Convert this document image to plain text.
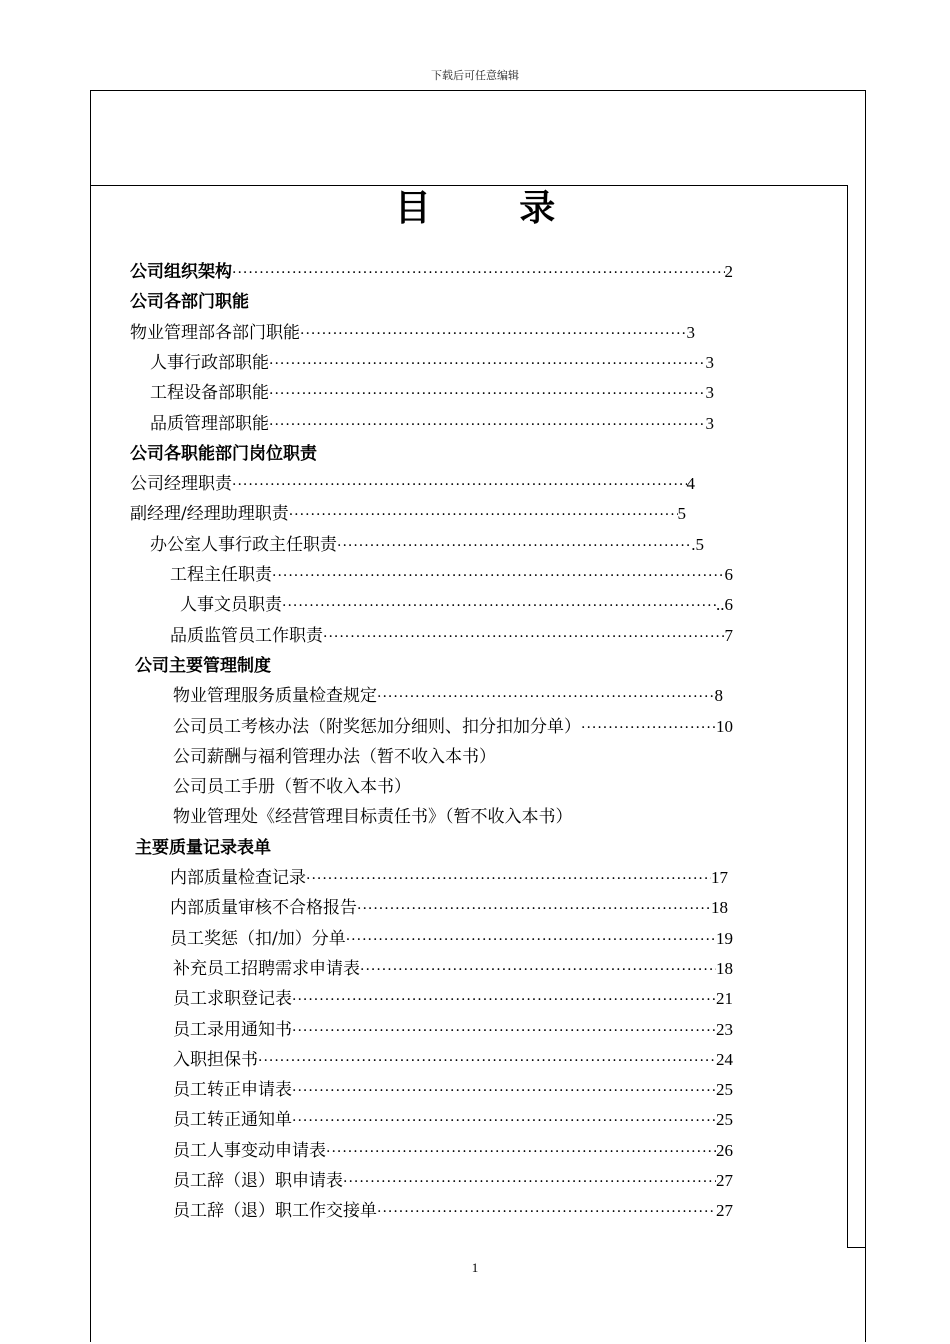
下载后可任意编辑
目 录
公司组织架构 ·····	2
公司各部门职能
物业管理部各部门职能 ·····	3
人事行政部职能 ·····	3
工程设备部职能 ·····	3
品质管理部职能 ·····	3
公司各职能部门岗位职责
公司经理职责 ·····	4
副经理/经理助理职责 ·····	5
办公室人事行政主任职责 ·····	.5
工程主任职责 ·····	6
人事文员职责 ·····	..6
品质监管员工作职责 ·····	7
公司主要管理制度
物业管理服务质量检查规定 ·····	8
公司员工考核办法（附奖惩加分细则、扣分扣加分单） ·····	10
公司薪酬与福利管理办法（暂不收入本书）
公司员工手册（暂不收入本书）
物业管理处《经营管理目标责任书》（暂不收入本书）
主要质量记录表单
内部质量检查记录 ·····	17
内部质量审核不合格报告 ·····	18
员工奖惩（扣/加）分单 ·····	19
补充员工招聘需求申请表 ·····	18
员工求职登记表 ·····	21
员工录用通知书 ·····	23
入职担保书 ·····	24
员工转正申请表 ·····	25
员工转正通知单 ·····	25
员工人事变动申请表 ·····	26
员工辞（退）职申请表 ·····	27
员工辞（退）职工作交接单 ·····	27
1
